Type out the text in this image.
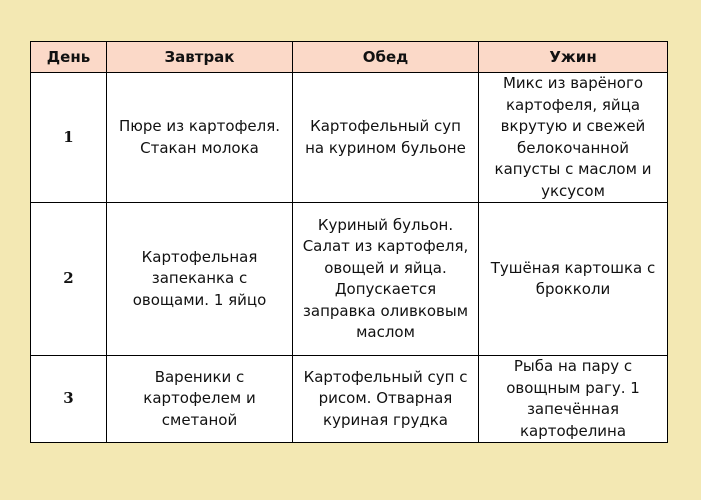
День	Завтрак	Обед	Ужин
1	Пюре из картофеля. Стакан молока	Картофельный суп на курином бульоне	Микс из варёного картофеля, яйца вкрутую и свежей белокочанной капусты с маслом и уксусом
2	Картофельная запеканка с овощами. 1 яйцо	Куриный бульон. Салат из картофеля, овощей и яйца. Допускается заправка оливковым маслом	Тушёная картошка с брокколи
3	Вареники с картофелем и сметаной	Картофельный суп с рисом. Отварная куриная грудка	Рыба на пару с овощным рагу. 1 запечённая картофелина
